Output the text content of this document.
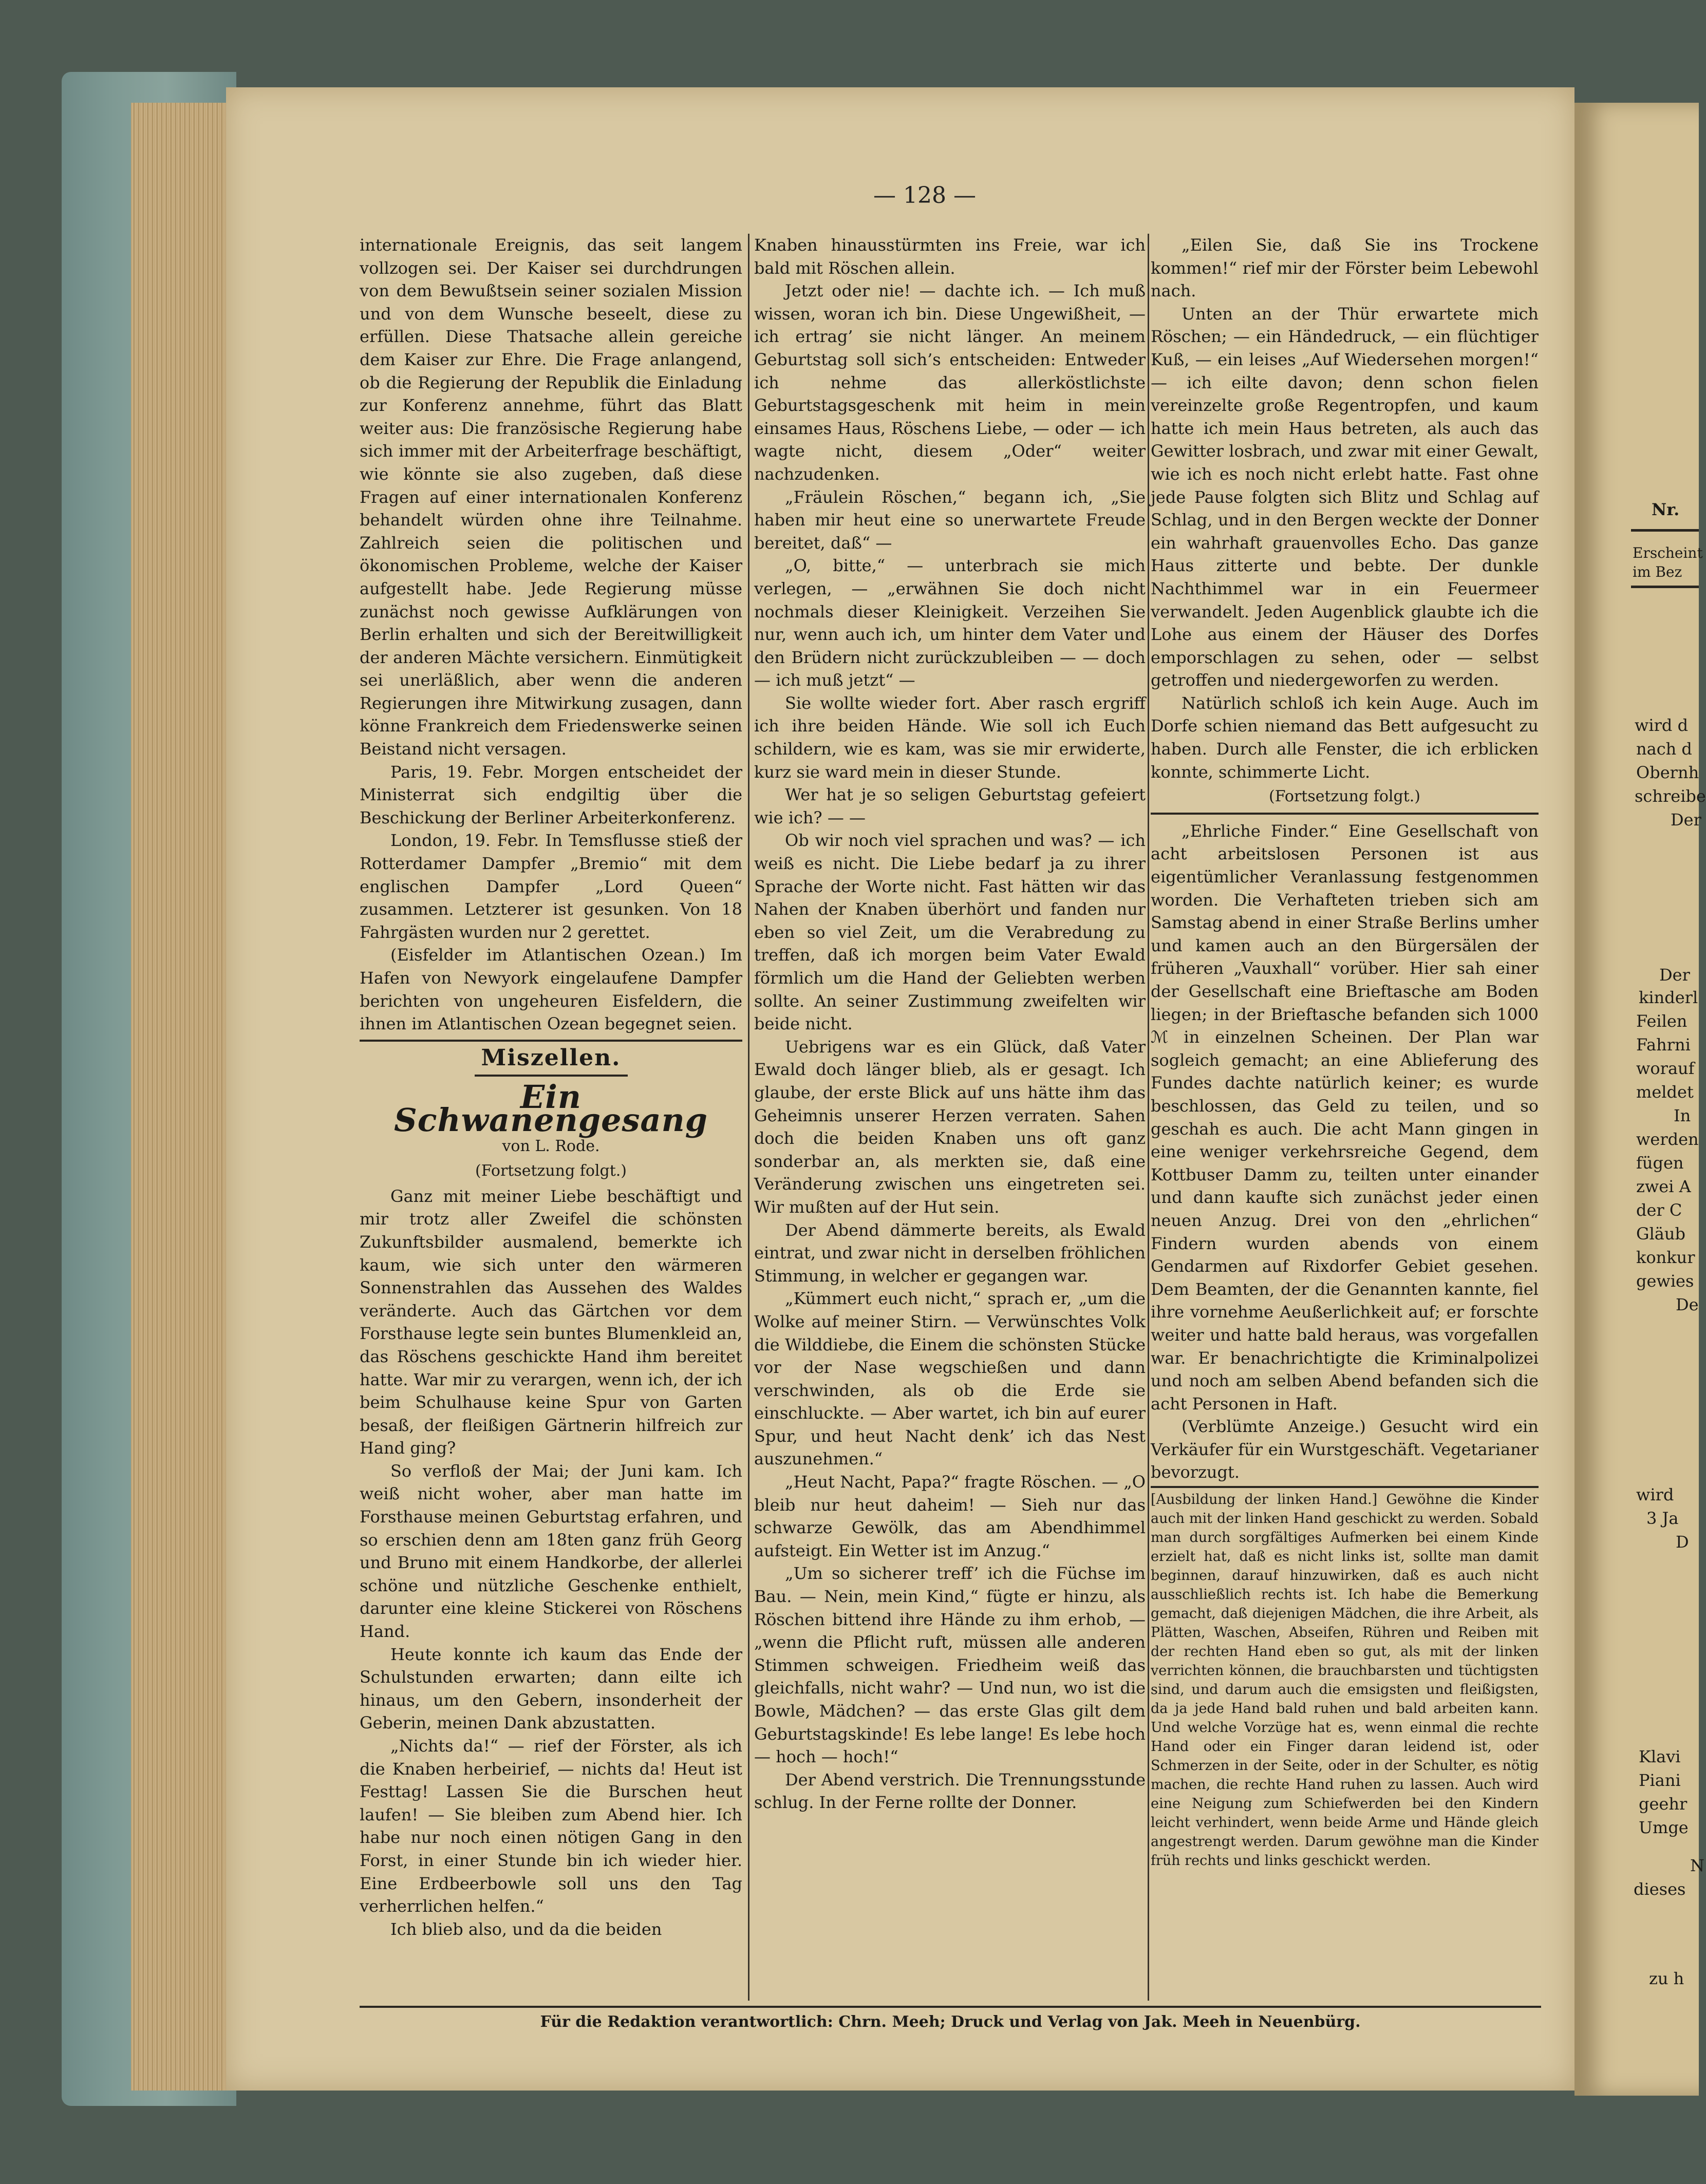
— 128 —

internationale Ereignis, das seit langem vollzogen sei. Der Kaiser sei durchdrungen von dem Bewußtsein seiner sozialen Mission und von dem Wunsche beseelt, diese zu erfüllen. Diese Thatsache allein gereiche dem Kaiser zur Ehre. Die Frage anlangend, ob die Regierung der Republik die Einladung zur Konferenz annehme, führt das Blatt weiter aus: Die französische Regierung habe sich immer mit der Arbeiterfrage beschäftigt, wie könnte sie also zugeben, daß diese Fragen auf einer internationalen Konferenz behandelt würden ohne ihre Teilnahme. Zahlreich seien die politischen und ökonomischen Probleme, welche der Kaiser aufgestellt habe. Jede Regierung müsse zunächst noch gewisse Aufklärungen von Berlin erhalten und sich der Bereitwilligkeit der anderen Mächte versichern. Einmütigkeit sei unerläßlich, aber wenn die anderen Regierungen ihre Mitwirkung zusagen, dann könne Frankreich dem Friedenswerke seinen Beistand nicht versagen.

Paris, 19. Febr. Morgen entscheidet der Ministerrat sich endgiltig über die Beschickung der Berliner Arbeiterkonferenz.

London, 19. Febr. In Temsflusse stieß der Rotterdamer Dampfer „Bremio“ mit dem englischen Dampfer „Lord Queen“ zusammen. Letzterer ist gesunken. Von 18 Fahrgästen wurden nur 2 gerettet.

(Eisfelder im Atlantischen Ozean.) Im Hafen von Newyork eingelaufene Dampfer berichten von ungeheuren Eisfeldern, die ihnen im Atlantischen Ozean begegnet seien.

Miszellen.
Ein Schwanengesang
von L. Rode.
(Fortsetzung folgt.)

Ganz mit meiner Liebe beschäftigt und mir trotz aller Zweifel die schönsten Zukunftsbilder ausmalend, bemerkte ich kaum, wie sich unter den wärmeren Sonnenstrahlen das Aussehen des Waldes veränderte. Auch das Gärtchen vor dem Forsthause legte sein buntes Blumenkleid an, das Röschens geschickte Hand ihm bereitet hatte. War mir zu verargen, wenn ich, der ich beim Schulhause keine Spur von Garten besaß, der fleißigen Gärtnerin hilfreich zur Hand ging?

So verfloß der Mai; der Juni kam. Ich weiß nicht woher, aber man hatte im Forsthause meinen Geburtstag erfahren, und so erschien denn am 18ten ganz früh Georg und Bruno mit einem Handkorbe, der allerlei schöne und nützliche Geschenke enthielt, darunter eine kleine Stickerei von Röschens Hand.

Heute konnte ich kaum das Ende der Schulstunden erwarten; dann eilte ich hinaus, um den Gebern, insonderheit der Geberin, meinen Dank abzustatten.

„Nichts da!“ — rief der Förster, als ich die Knaben herbeirief, — nichts da! Heut ist Festtag! Lassen Sie die Burschen heut laufen! — Sie bleiben zum Abend hier. Ich habe nur noch einen nötigen Gang in den Forst, in einer Stunde bin ich wieder hier. Eine Erdbeerbowle soll uns den Tag verherrlichen helfen.“

Ich blieb also, und da die beiden

Knaben hinausstürmten ins Freie, war ich bald mit Röschen allein.

Jetzt oder nie! — dachte ich. — Ich muß wissen, woran ich bin. Diese Ungewißheit, — ich ertrag’ sie nicht länger. An meinem Geburtstag soll sich’s entscheiden: Entweder ich nehme das allerköstlichste Geburtstagsgeschenk mit heim in mein einsames Haus, Röschens Liebe, — oder — ich wagte nicht, diesem „Oder“ weiter nachzudenken.

„Fräulein Röschen,“ begann ich, „Sie haben mir heut eine so unerwartete Freude bereitet, daß“ —

„O, bitte,“ — unterbrach sie mich verlegen, — „erwähnen Sie doch nicht nochmals dieser Kleinigkeit. Verzeihen Sie nur, wenn auch ich, um hinter dem Vater und den Brüdern nicht zurückzubleiben — — doch — ich muß jetzt“ —

Sie wollte wieder fort. Aber rasch ergriff ich ihre beiden Hände. Wie soll ich Euch schildern, wie es kam, was sie mir erwiderte, kurz sie ward mein in dieser Stunde.

Wer hat je so seligen Geburtstag gefeiert wie ich? — —

Ob wir noch viel sprachen und was? — ich weiß es nicht. Die Liebe bedarf ja zu ihrer Sprache der Worte nicht. Fast hätten wir das Nahen der Knaben überhört und fanden nur eben so viel Zeit, um die Verabredung zu treffen, daß ich morgen beim Vater Ewald förmlich um die Hand der Geliebten werben sollte. An seiner Zustimmung zweifelten wir beide nicht.

Uebrigens war es ein Glück, daß Vater Ewald doch länger blieb, als er gesagt. Ich glaube, der erste Blick auf uns hätte ihm das Geheimnis unserer Herzen verraten. Sahen doch die beiden Knaben uns oft ganz sonderbar an, als merkten sie, daß eine Veränderung zwischen uns eingetreten sei. Wir mußten auf der Hut sein.

Der Abend dämmerte bereits, als Ewald eintrat, und zwar nicht in derselben fröhlichen Stimmung, in welcher er gegangen war.

„Kümmert euch nicht,“ sprach er, „um die Wolke auf meiner Stirn. — Verwünschtes Volk die Wilddiebe, die Einem die schönsten Stücke vor der Nase wegschießen und dann verschwinden, als ob die Erde sie einschluckte. — Aber wartet, ich bin auf eurer Spur, und heut Nacht denk’ ich das Nest auszunehmen.“

„Heut Nacht, Papa?“ fragte Röschen. — „O bleib nur heut daheim! — Sieh nur das schwarze Gewölk, das am Abendhimmel aufsteigt. Ein Wetter ist im Anzug.“

„Um so sicherer treff’ ich die Füchse im Bau. — Nein, mein Kind,“ fügte er hinzu, als Röschen bittend ihre Hände zu ihm erhob, — „wenn die Pflicht ruft, müssen alle anderen Stimmen schweigen. Friedheim weiß das gleichfalls, nicht wahr? — Und nun, wo ist die Bowle, Mädchen? — das erste Glas gilt dem Geburtstagskinde! Es lebe lange! Es lebe hoch — hoch — hoch!“

Der Abend verstrich. Die Trennungsstunde schlug. In der Ferne rollte der Donner.

„Eilen Sie, daß Sie ins Trockene kommen!“ rief mir der Förster beim Lebewohl nach.

Unten an der Thür erwartete mich Röschen; — ein Händedruck, — ein flüchtiger Kuß, — ein leises „Auf Wiedersehen morgen!“ — ich eilte davon; denn schon fielen vereinzelte große Regentropfen, und kaum hatte ich mein Haus betreten, als auch das Gewitter losbrach, und zwar mit einer Gewalt, wie ich es noch nicht erlebt hatte. Fast ohne jede Pause folgten sich Blitz und Schlag auf Schlag, und in den Bergen weckte der Donner ein wahrhaft grauenvolles Echo. Das ganze Haus zitterte und bebte. Der dunkle Nachthimmel war in ein Feuermeer verwandelt. Jeden Augenblick glaubte ich die Lohe aus einem der Häuser des Dorfes emporschlagen zu sehen, oder — selbst getroffen und niedergeworfen zu werden.

Natürlich schloß ich kein Auge. Auch im Dorfe schien niemand das Bett aufgesucht zu haben. Durch alle Fenster, die ich erblicken konnte, schimmerte Licht.

(Fortsetzung folgt.)

„Ehrliche Finder.“ Eine Gesellschaft von acht arbeitslosen Personen ist aus eigentümlicher Veranlassung festgenommen worden. Die Verhafteten trieben sich am Samstag abend in einer Straße Berlins umher und kamen auch an den Bürgersälen der früheren „Vauxhall“ vorüber. Hier sah einer der Gesellschaft eine Brieftasche am Boden liegen; in der Brieftasche befanden sich 1000 ℳ in einzelnen Scheinen. Der Plan war sogleich gemacht; an eine Ablieferung des Fundes dachte natürlich keiner; es wurde beschlossen, das Geld zu teilen, und so geschah es auch. Die acht Mann gingen in eine weniger verkehrsreiche Gegend, dem Kottbuser Damm zu, teilten unter einander und dann kaufte sich zunächst jeder einen neuen Anzug. Drei von den „ehrlichen“ Findern wurden abends von einem Gendarmen auf Rixdorfer Gebiet gesehen. Dem Beamten, der die Genannten kannte, fiel ihre vornehme Aeußerlichkeit auf; er forschte weiter und hatte bald heraus, was vorgefallen war. Er benachrichtigte die Kriminalpolizei und noch am selben Abend befanden sich die acht Personen in Haft.

(Verblümte Anzeige.) Gesucht wird ein Verkäufer für ein Wurstgeschäft. Vegetarianer bevorzugt.

[Ausbildung der linken Hand.] Gewöhne die Kinder auch mit der linken Hand geschickt zu werden. Sobald man durch sorgfältiges Aufmerken bei einem Kinde erzielt hat, daß es nicht links ist, sollte man damit beginnen, darauf hinzuwirken, daß es auch nicht ausschließlich rechts ist. Ich habe die Bemerkung gemacht, daß diejenigen Mädchen, die ihre Arbeit, als Plätten, Waschen, Abseifen, Rühren und Reiben mit der rechten Hand eben so gut, als mit der linken verrichten können, die brauchbarsten und tüchtigsten sind, und darum auch die emsigsten und fleißigsten, da ja jede Hand bald ruhen und bald arbeiten kann. Und welche Vorzüge hat es, wenn einmal die rechte Hand oder ein Finger daran leidend ist, oder Schmerzen in der Seite, oder in der Schulter, es nötig machen, die rechte Hand ruhen zu lassen. Auch wird eine Neigung zum Schiefwerden bei den Kindern leicht verhindert, wenn beide Arme und Hände gleich angestrengt werden. Darum gewöhne man die Kinder früh rechts und links geschickt werden.

Für die Redaktion verantwortlich: Chrn. Meeh; Druck und Verlag von Jak. Meeh in Neuenbürg.
Nr.
Erscheint
im Bez
wird d
nach d
Obernh
schreibe
Der
Der
kinderl
Feilen
Fahrni
worauf
meldet
In
werden
fügen
zwei A
der C
Gläub
konkur
gewies
De
wird
3 Ja
D
Klavi
Piani
geehr
Umge
N
dieses
zu h
